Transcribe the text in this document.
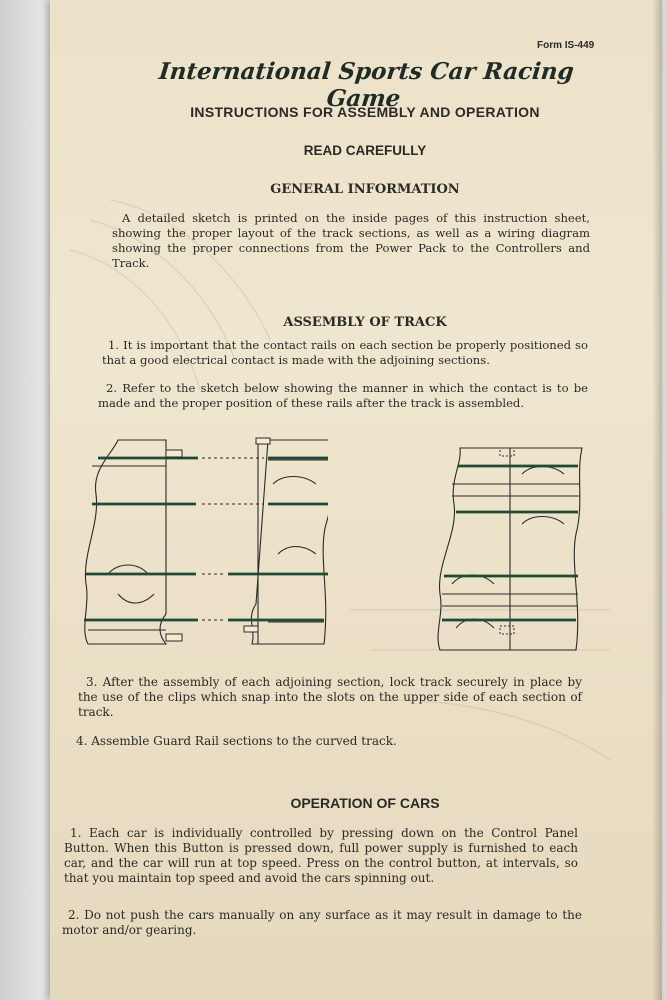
Form IS-449
International Sports Car Racing Game
INSTRUCTIONS FOR ASSEMBLY AND OPERATION
READ CAREFULLY
GENERAL INFORMATION
A detailed sketch is printed on the inside pages of this instruction sheet, showing the proper layout of the track sections, as well as a wiring diagram showing the proper connections from the Power Pack to the Controllers and Track.
ASSEMBLY OF TRACK
1. It is important that the contact rails on each section be properly positioned so that a good electrical contact is made with the adjoining sections.
2. Refer to the sketch below showing the manner in which the contact is to be made and the proper position of these rails after the track is assembled.
3. After the assembly of each adjoining section, lock track securely in place by the use of the clips which snap into the slots on the upper side of each section of track.
4. Assemble Guard Rail sections to the curved track.
OPERATION OF CARS
1. Each car is individually controlled by pressing down on the Control Panel Button. When this Button is pressed down, full power supply is furnished to each car, and the car will run at top speed. Press on the control button, at intervals, so that you maintain top speed and avoid the cars spinning out.
2. Do not push the cars manually on any surface as it may result in damage to the motor and/or gearing.
